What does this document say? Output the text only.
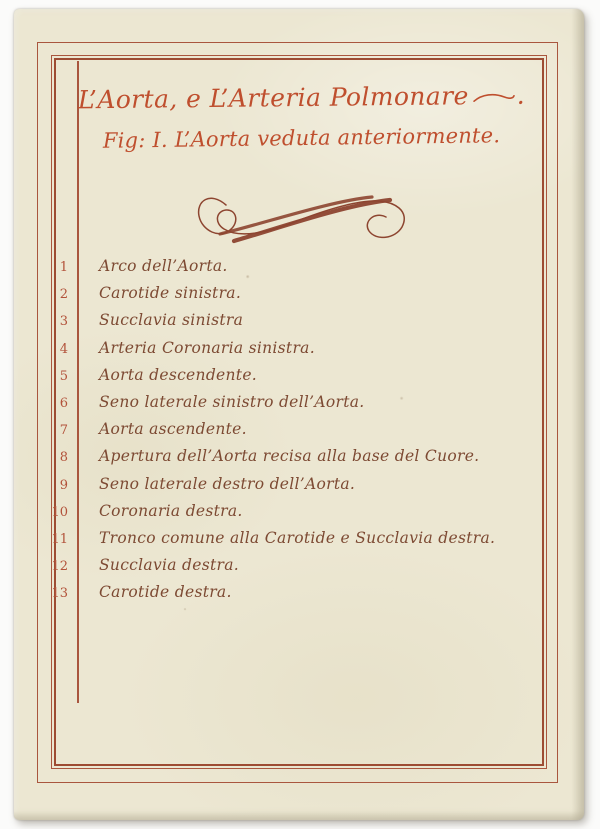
L’Aorta, e L’Arteria Polmonare .
Fig: I. L’Aorta veduta anteriormente.
1	Arco dell’Aorta.
2	Carotide sinistra.
3	Succlavia sinistra
4	Arteria Coronaria sinistra.
5	Aorta descendente.
6	Seno laterale sinistro dell’Aorta.
7	Aorta ascendente.
8	Apertura dell’Aorta recisa alla base del Cuore.
9	Seno laterale destro dell’Aorta.
10	Coronaria destra.
11	Tronco comune alla Carotide e Succlavia destra.
12	Succlavia destra.
13	Carotide destra.
